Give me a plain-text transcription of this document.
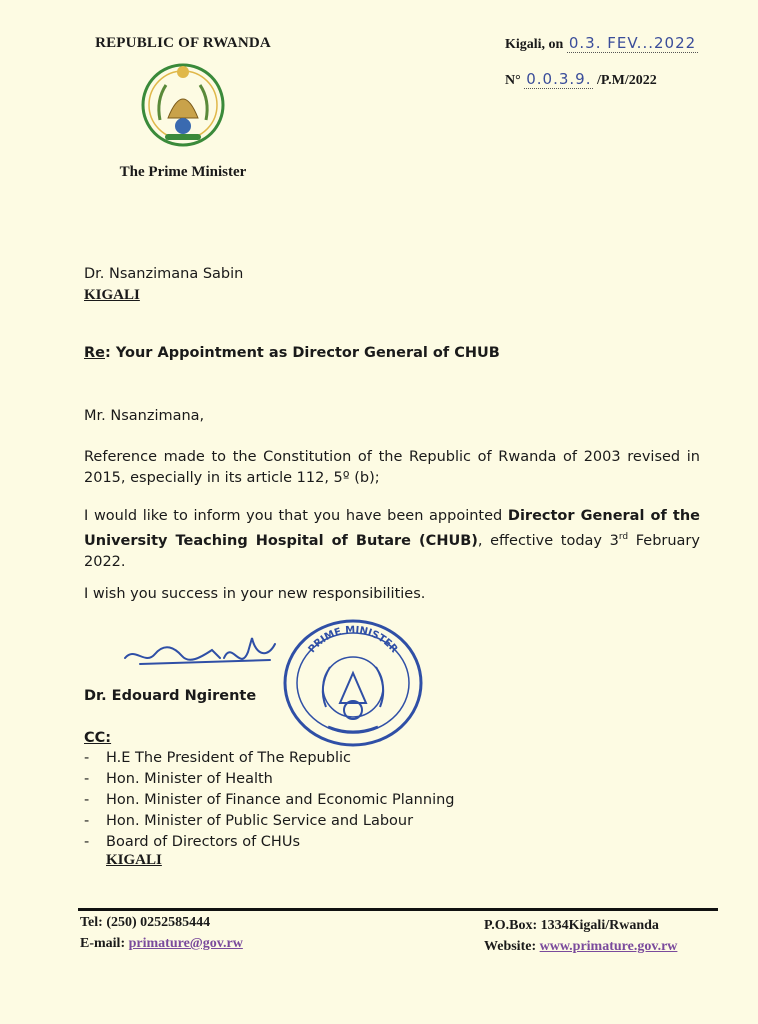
REPUBLIC OF RWANDA
The Prime Minister
Kigali, on 0.3. FEV...2022
N° 0.0.3.9. /P.M/2022
Dr. Nsanzimana Sabin
KIGALI
Re: Your Appointment as Director General of CHUB
Mr. Nsanzimana,
Reference made to the Constitution of the Republic of Rwanda of 2003 revised in 2015, especially in its article 112, 5º (b);
I would like to inform you that you have been appointed Director General of the University Teaching Hospital of Butare (CHUB), effective today 3rd February 2022.
I wish you success in your new responsibilities.
Dr. Edouard Ngirente
PRIME MINISTER
CC:
- H.E The President of The Republic
- Hon. Minister of Health
- Hon. Minister of Finance and Economic Planning
- Hon. Minister of Public Service and Labour
- Board of Directors of CHUs
KIGALI
Tel: (250) 0252585444
E-mail: primature@gov.rw
P.O.Box: 1334Kigali/Rwanda
Website: www.primature.gov.rw
